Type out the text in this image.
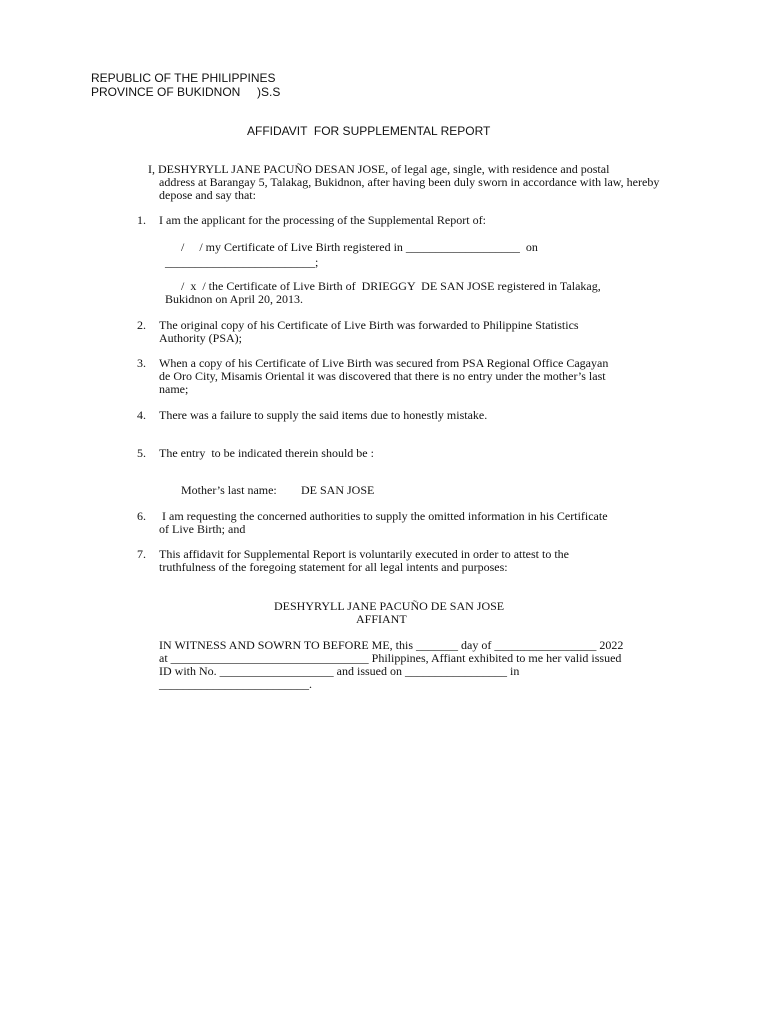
REPUBLIC OF THE PHILIPPINES
PROVINCE OF BUKIDNON     )S.S
AFFIDAVIT  FOR SUPPLEMENTAL REPORT
I, DESHYRYLL JANE PACUÑO DESAN JOSE, of legal age, single, with residence and postal
address at Barangay 5, Talakag, Bukidnon, after having been duly sworn in accordance with law, hereby
depose and say that:
1. I am the applicant for the processing of the Supplemental Report of:
/     / my Certificate of Live Birth registered in ___________________  on
_________________________;
/  x  / the Certificate of Live Birth of  DRIEGGY  DE SAN JOSE registered in Talakag,
Bukidnon on April 20, 2013.
2. The original copy of his Certificate of Live Birth was forwarded to Philippine Statistics
Authority (PSA);
3. When a copy of his Certificate of Live Birth was secured from PSA Regional Office Cagayan
de Oro City, Misamis Oriental it was discovered that there is no entry under the mother’s last
name;
4. There was a failure to supply the said items due to honestly mistake.
5. The entry  to be indicated therein should be :
Mother’s last name: DE SAN JOSE
6. I am requesting the concerned authorities to supply the omitted information in his Certificate
of Live Birth; and
7. This affidavit for Supplemental Report is voluntarily executed in order to attest to the
truthfulness of the foregoing statement for all legal intents and purposes:
DESHYRYLL JANE PACUÑO DE SAN JOSE
AFFIANT
IN WITNESS AND SOWRN TO BEFORE ME, this _______ day of _________________ 2022
at _________________________________ Philippines, Affiant exhibited to me her valid issued
ID with No. ___________________ and issued on _________________ in
_________________________.
